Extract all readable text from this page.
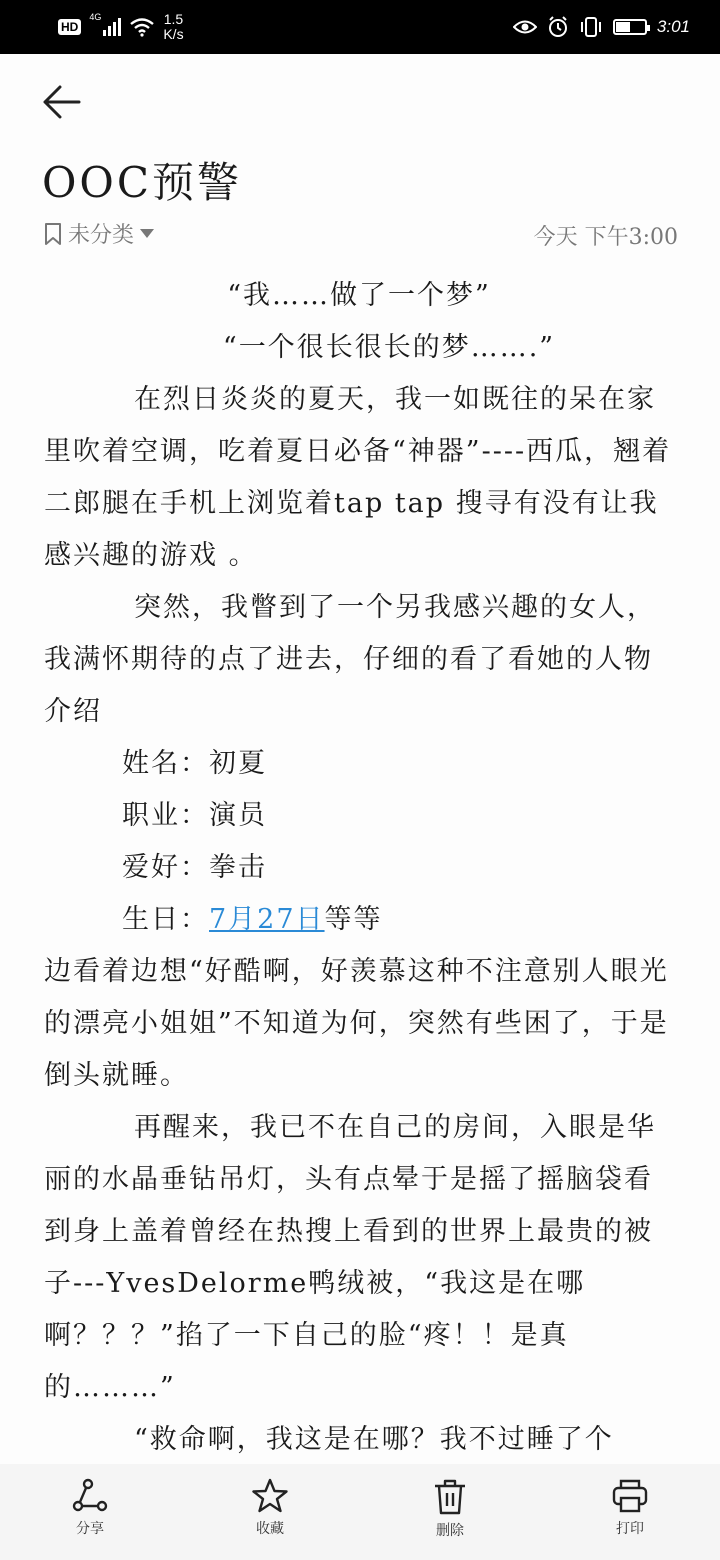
HD
4G	1.5
K/s	3:01
OOC预警
未分类	今天 下午3:00

“我……做了一个梦”

“一个很长很长的梦…….”

在烈日炎炎的夏天，我一如既往的呆在家里吹着空调，吃着夏日必备“神器”----西瓜，翘着二郎腿在手机上浏览着tap tap 搜寻有没有让我感兴趣的游戏 。

突然，我瞥到了一个另我感兴趣的女人，我满怀期待的点了进去，仔细的看了看她的人物介绍

姓名：初夏

职业：演员

爱好：拳击

生日：7月27日等等

边看着边想“好酷啊，好羡慕这种不注意别人眼光的漂亮小姐姐”不知道为何，突然有些困了，于是倒头就睡。

再醒来，我已不在自己的房间，入眼是华丽的水晶垂钻吊灯，头有点晕于是摇了摇脑袋看到身上盖着曾经在热搜上看到的世界上最贵的被子---YvesDelorme鸭绒被，“我这是在哪啊？？？”掐了一下自己的脸“疼！！是真的………”

“救命啊，我这是在哪？我不过睡了个

分享	收藏	删除	打印
